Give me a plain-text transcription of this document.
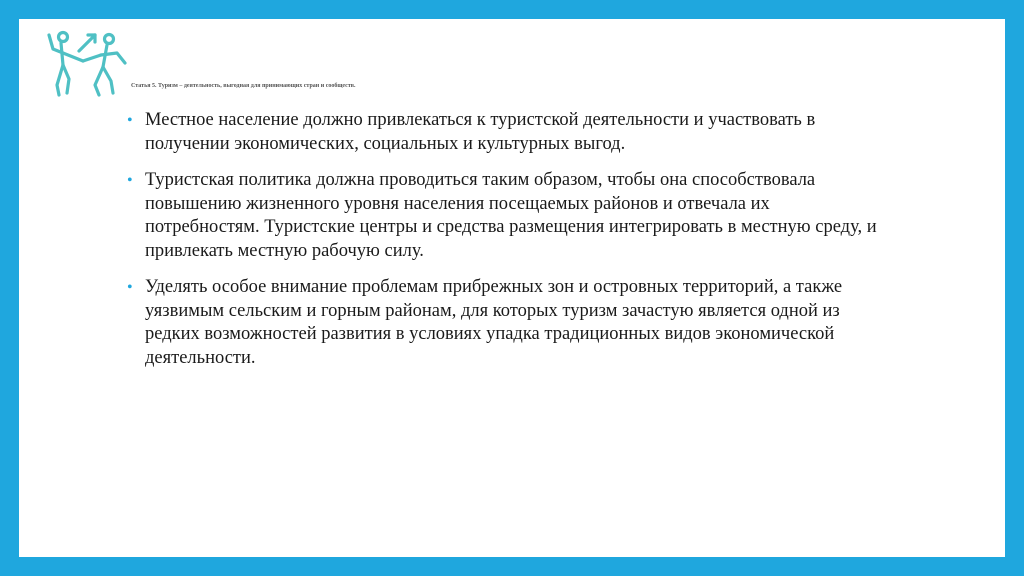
Статья 5. Туризм – деятельность, выгодная для принимающих стран и сообществ.
• Местное население должно привлекаться к туристской деятельности и участвовать в получении экономических, социальных и культурных выгод.
• Туристская политика должна проводиться таким образом, чтобы она способствовала повышению жизненного уровня населения посещаемых районов и отвечала их потребностям. Туристские центры и средства размещения интегрировать в местную среду, и привлекать местную рабочую силу.
• Уделять особое внимание проблемам прибрежных зон и островных территорий, а также уязвимым сельским и горным районам, для которых туризм зачастую является одной из редких возможностей развития в условиях упадка традиционных видов экономической деятельности.
